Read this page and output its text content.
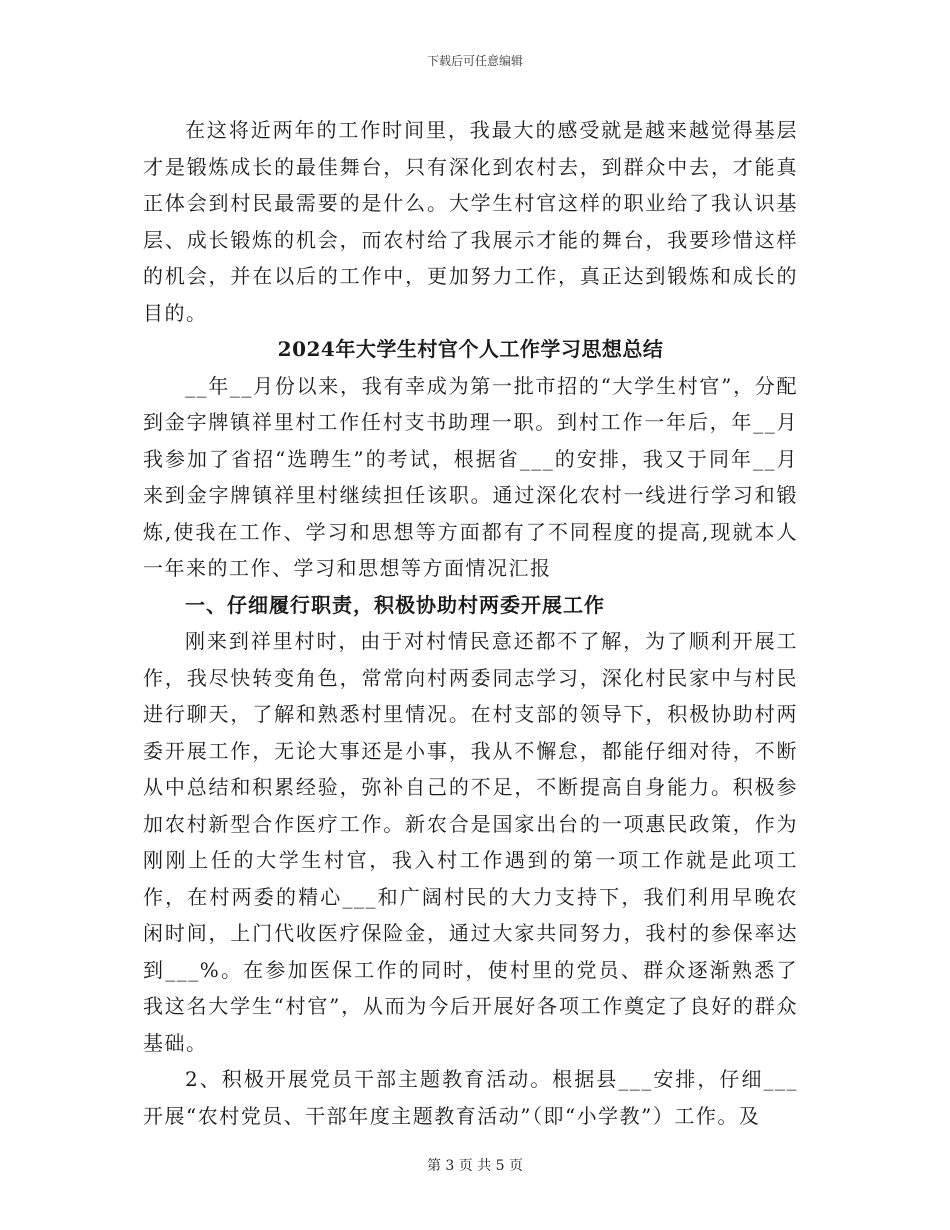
下载后可任意编辑

在这将近两年的工作时间里，我最大的感受就是越来越觉得基层才是锻炼成长的最佳舞台，只有深化到农村去，到群众中去，才能真正体会到村民最需要的是什么。大学生村官这样的职业给了我认识基层、成长锻炼的机会，而农村给了我展示才能的舞台，我要珍惜这样的机会，并在以后的工作中，更加努力工作，真正达到锻炼和成长的目的。

2024年大学生村官个人工作学习思想总结

__年__月份以来，我有幸成为第一批市招的“大学生村官”，分配到金字牌镇祥里村工作任村支书助理一职。到村工作一年后，年__月我参加了省招“选聘生”的考试，根据省___的安排，我又于同年__月来到金字牌镇祥里村继续担任该职。通过深化农村一线进行学习和锻炼,使我在工作、学习和思想等方面都有了不同程度的提高,现就本人一年来的工作、学习和思想等方面情况汇报

一、仔细履行职责，积极协助村两委开展工作

刚来到祥里村时，由于对村情民意还都不了解，为了顺利开展工作，我尽快转变角色，常常向村两委同志学习，深化村民家中与村民进行聊天，了解和熟悉村里情况。在村支部的领导下，积极协助村两委开展工作，无论大事还是小事，我从不懈怠，都能仔细对待，不断从中总结和积累经验，弥补自己的不足，不断提高自身能力。积极参加农村新型合作医疗工作。新农合是国家出台的一项惠民政策，作为刚刚上任的大学生村官，我入村工作遇到的第一项工作就是此项工作，在村两委的精心___和广阔村民的大力支持下，我们利用早晚农闲时间，上门代收医疗保险金，通过大家共同努力，我村的参保率达到___%。在参加医保工作的同时，使村里的党员、群众逐渐熟悉了我这名大学生“村官”，从而为今后开展好各项工作奠定了良好的群众基础。

2、积极开展党员干部主题教育活动。根据县___安排，仔细___开展“农村党员、干部年度主题教育活动”（即“小学教”）工作。及

第 3 页 共 5 页
